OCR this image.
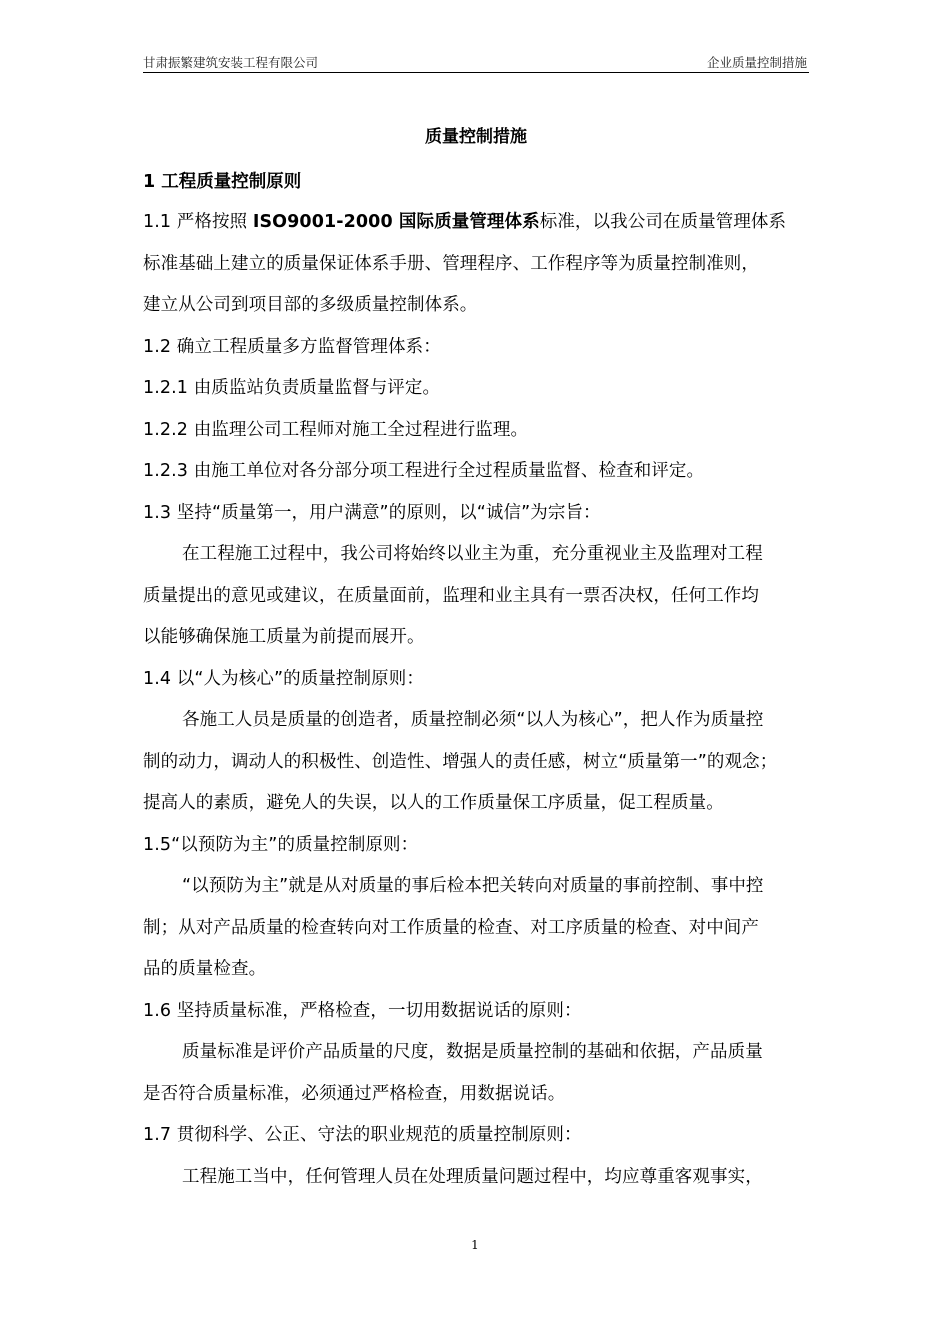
甘肃振繁建筑安装工程有限公司	企业质量控制措施
质量控制措施
1 工程质量控制原则
1.1 严格按照 ISO9001-2000 国际质量管理体系标准，以我公司在质量管理体系
标准基础上建立的质量保证体系手册、管理程序、工作程序等为质量控制准则，
建立从公司到项目部的多级质量控制体系。
1.2 确立工程质量多方监督管理体系：
1.2.1 由质监站负责质量监督与评定。
1.2.2 由监理公司工程师对施工全过程进行监理。
1.2.3 由施工单位对各分部分项工程进行全过程质量监督、检查和评定。
1.3 坚持“质量第一，用户满意”的原则，以“诚信”为宗旨：
在工程施工过程中，我公司将始终以业主为重，充分重视业主及监理对工程
质量提出的意见或建议，在质量面前，监理和业主具有一票否决权，任何工作均
以能够确保施工质量为前提而展开。
1.4 以“人为核心”的质量控制原则：
各施工人员是质量的创造者，质量控制必须“以人为核心”，把人作为质量控
制的动力，调动人的积极性、创造性、增强人的责任感，树立“质量第一”的观念；
提高人的素质，避免人的失误，以人的工作质量保工序质量，促工程质量。
1.5“以预防为主”的质量控制原则：
“以预防为主”就是从对质量的事后检本把关转向对质量的事前控制、事中控
制；从对产品质量的检查转向对工作质量的检查、对工序质量的检查、对中间产
品的质量检查。
1.6 坚持质量标准，严格检查，一切用数据说话的原则：
质量标准是评价产品质量的尺度，数据是质量控制的基础和依据，产品质量
是否符合质量标准，必须通过严格检查，用数据说话。
1.7 贯彻科学、公正、守法的职业规范的质量控制原则：
工程施工当中，任何管理人员在处理质量问题过程中，均应尊重客观事实，
1
